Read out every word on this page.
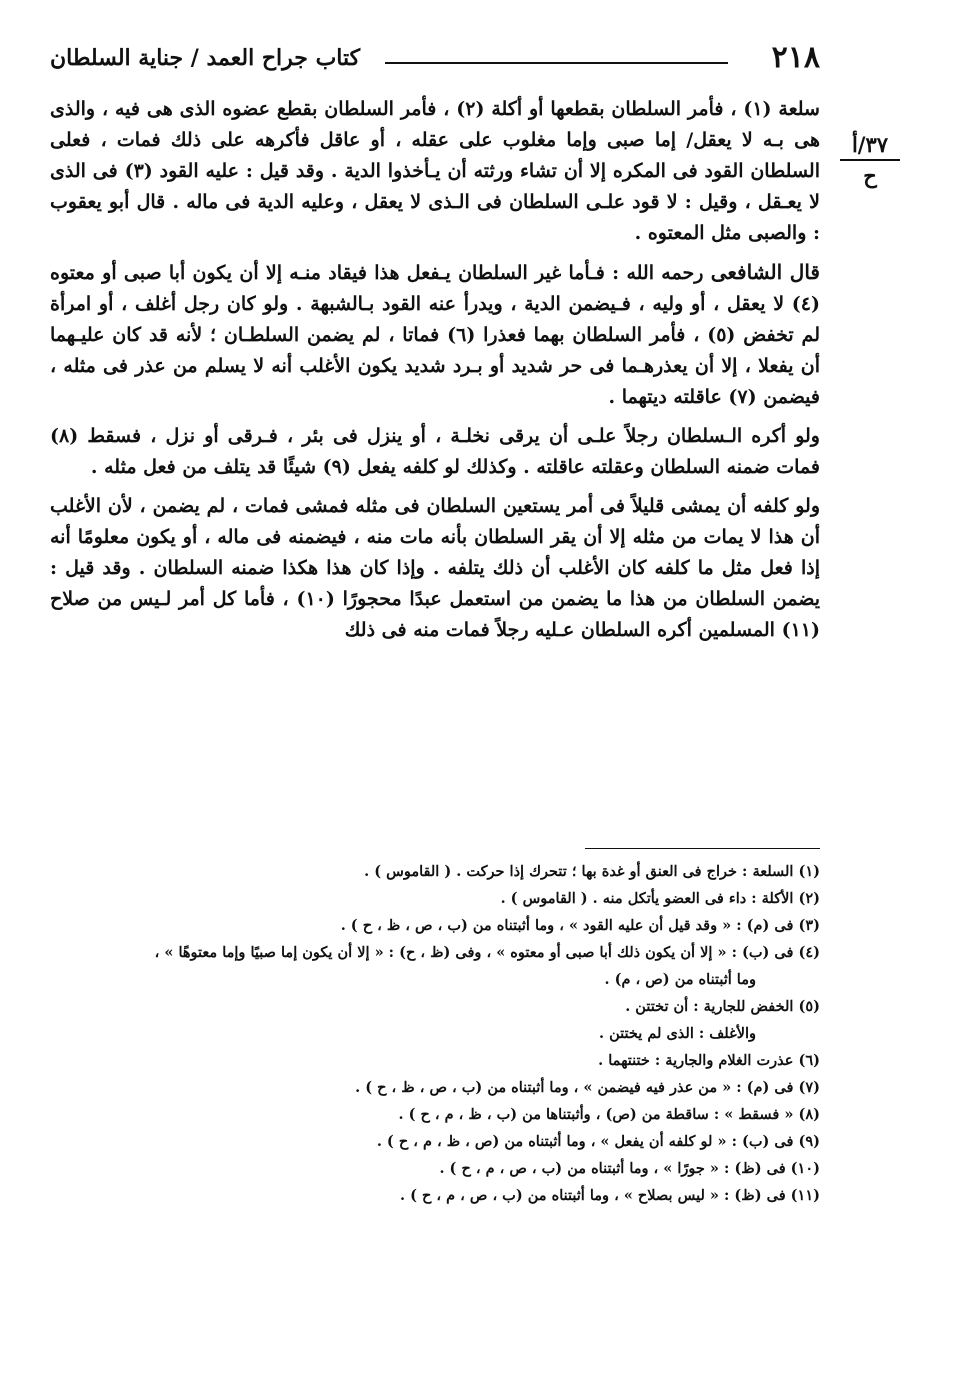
٢١٨
كتاب جراح العمد / جناية السلطان
٣٧/أ
ح

سلعة (١) ، فأمر السلطان بقطعها أو أكلة (٢) ، فأمر السلطان بقطع عضوه الذى هى فيه ، والذى هى بـه لا يعقل/ إما صبى وإما مغلوب على عقله ، أو عاقل فأكرهه على ذلك فمات ، فعلى السلطان القود فى المكره إلا أن تشاء ورثته أن يـأخذوا الدية . وقد قيل : عليه القود (٣) فى الذى لا يعـقل ، وقيل : لا قود علـى السلطان فى الـذى لا يعقل ، وعليه الدية فى ماله . قال أبو يعقوب : والصبى مثل المعتوه .

قال الشافعى رحمه الله : فـأما غير السلطان يـفعل هذا فيقاد منـه إلا أن يكون أبا صبى أو معتوه (٤) لا يعقل ، أو وليه ، فـيضمن الدية ، ويدرأ عنه القود بـالشبهة . ولو كان رجل أغلف ، أو امرأة لم تخفض (٥) ، فأمر السلطان بهما فعذرا (٦) فماتا ، لم يضمن السلطـان ؛ لأنه قد كان عليـهما أن يفعلا ، إلا أن يعذرهـما فى حر شديد أو بـرد شديد يكون الأغلب أنه لا يسلم من عذر فى مثله ، فيضمن (٧) عاقلته ديتهما .

ولو أكره الـسلطان رجلاً علـى أن يرقى نخلـة ، أو ينزل فى بئر ، فـرقى أو نزل ، فسقط (٨) فمات ضمنه السلطان وعقلته عاقلته . وكذلك لو كلفه يفعل (٩) شيئًا قد يتلف من فعل مثله .

ولو كلفه أن يمشى قليلاً فى أمر يستعين السلطان فى مثله فمشى فمات ، لم يضمن ، لأن الأغلب أن هذا لا يمات من مثله إلا أن يقر السلطان بأنه مات منه ، فيضمنه فى ماله ، أو يكون معلومًا أنه إذا فعل مثل ما كلفه كان الأغلب أن ذلك يتلفه . وإذا كان هذا هكذا ضمنه السلطان . وقد قيل : يضمن السلطان من هذا ما يضمن من استعمل عبدًا محجورًا (١٠) ، فأما كل أمر لـيس من صلاح (١١) المسلمين أكره السلطان عـليه رجلاً فمات منه فى ذلك

(١) السلعة : خراج فى العنق أو غدة بها ؛ تتحرك إذا حركت . ( القاموس ) .

(٢) الأكلة : داء فى العضو يأتكل منه . ( القاموس ) .

(٣) فى (م) : « وقد قيل أن عليه القود » ، وما أثبتناه من (ب ، ص ، ظ ، ح ) .

(٤) فى (ب) : « إلا أن يكون ذلك أبا صبى أو معتوه » ، وفى (ظ ، ح) : « إلا أن يكون إما صبيًا وإما معتوهًا » ،

وما أثبتناه من (ص ، م) .

(٥) الخفض للجارية : أن تختتن .

والأغلف : الذى لم يختتن .

(٦) عذرت الغلام والجارية : ختنتهما .

(٧) فى (م) : « من عذر فيه فيضمن » ، وما أثبتناه من (ب ، ص ، ظ ، ح ) .

(٨) « فسقط » : ساقطة من (ص) ، وأثبتناها من (ب ، ظ ، م ، ح ) .

(٩) فى (ب) : « لو كلفه أن يفعل » ، وما أثبتناه من (ص ، ظ ، م ، ح ) .

(١٠) فى (ظ) : « جورًا » ، وما أثبتناه من (ب ، ص ، م ، ح ) .

(١١) فى (ظ) : « ليس بصلاح » ، وما أثبتناه من (ب ، ص ، م ، ح ) .
